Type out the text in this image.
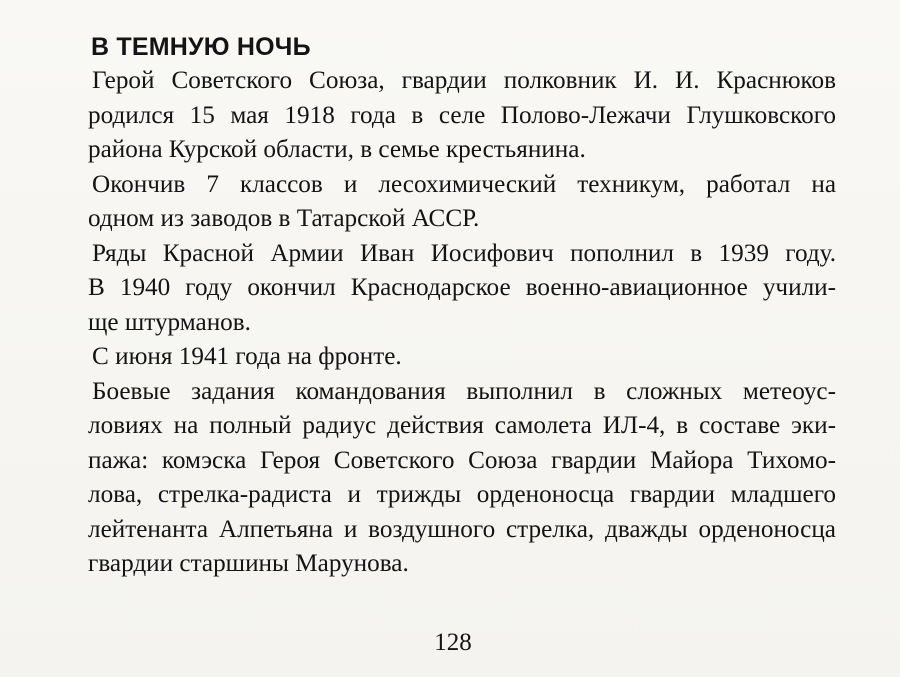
В ТЕМНУЮ НОЧЬ

Герой Советского Союза, гвардии полковник И. И. Краснюков
родился 15 мая 1918 года в селе Полово-Лежачи Глушковского
района Курской области, в семье крестьянина.

Окончив 7 классов и лесохимический техникум, работал на
одном из заводов в Татарской АССР.

Ряды Красной Армии Иван Иосифович пополнил в 1939 году.
В 1940 году окончил Краснодарское военно-авиационное учили-
ще штурманов.

С июня 1941 года на фронте.

Боевые задания командования выполнил в сложных метеоус-
ловиях на полный радиус действия самолета ИЛ-4, в составе эки-
пажа: комэска Героя Советского Союза гвардии Майора Тихомо-
лова, стрелка-радиста и трижды орденоносца гвардии младшего
лейтенанта Алпетьяна и воздушного стрелка, дважды орденоносца
гвардии старшины Марунова.

128
